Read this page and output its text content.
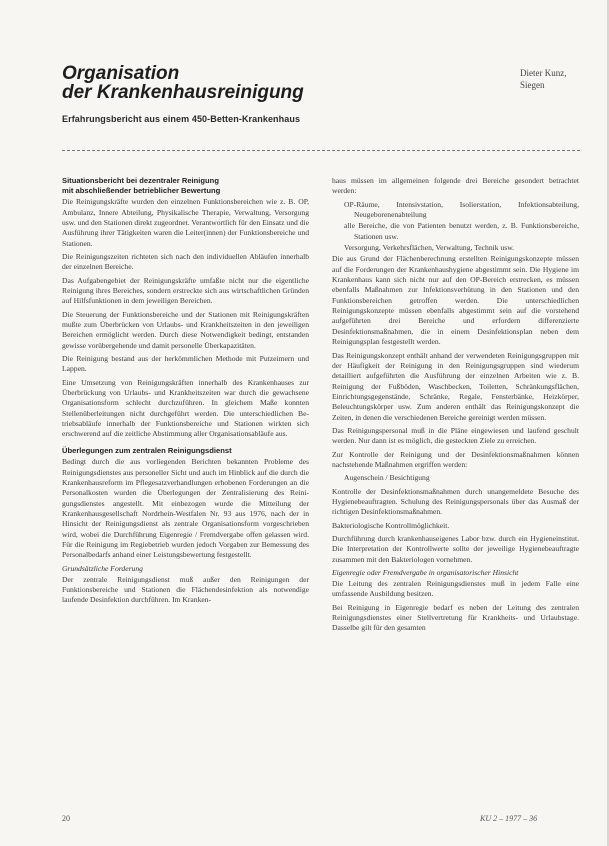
Organisation
der Krankenhausreinigung
Erfahrungsbericht aus einem 450-Betten-Krankenhaus
Dieter Kunz,
Siegen
Situationsbericht bei dezentraler Reinigung
mit abschließender betrieblicher Bewertung

Die Reinigungskräfte wurden den einzelnen Funktionsbereichen wie z. B. OP, Ambulanz, Innere Abteilung, Physikalische Therapie, Verwaltung, Versorgung usw. und den Stationen direkt zugeordnet. Verantwortlich für den Einsatz und die Ausführung ihrer Tätigkeiten waren die Leiter(innen) der Funktionsbereiche und Stationen.

Die Reinigungszeiten richteten sich nach den individuellen Abläufen innerhalb der einzelnen Bereiche.

Das Aufgabengebiet der Reinigungskräfte umfaßte nicht nur die eigentliche Reinigung ihres Bereiches, sondern erstreckte sich aus wirtschaftlichen Gründen auf Hilfsfunktionen in dem jeweiligen Bereichen.

Die Steuerung der Funktionsbereiche und der Stationen mit Reinigungskräften mußte zum Überbrücken von Urlaubs- und Krankheitszeiten in den jeweiligen Bereichen ermöglicht werden. Durch diese Notwendigkeit bedingt, entstanden gewisse vorübergehende und damit personelle Überkapazitäten.

Die Reinigung bestand aus der herkömmlichen Methode mit Putzeimern und Lappen.

Eine Umsetzung von Reinigungskräften innerhalb des Krankenhauses zur Überbrückung von Urlaubs- und Krankheitszeiten war durch die gewachsene Organisationsform schlecht durchzuführen. In gleichem Maße konnten Stellenüberleitungen nicht durchgeführt werden. Die unterschiedlichen Betriebsabläufe innerhalb der Funktionsbereiche und Stationen wirkten sich erschwerend auf die zeitliche Abstimmung aller Organisationsabläufe aus.

Überlegungen zum zentralen Reinigungsdienst

Bedingt durch die aus vorliegenden Berichten bekannten Probleme des Reinigungsdienstes aus personeller Sicht und auch im Hinblick auf die durch die Krankenhausreform im Pflegesatzverhandlungen erhobenen Forderungen an die Personalkosten wurden die Überlegungen der Zentralisierung des Reinigungsdienstes angestellt. Mit einbezogen wurde die Mitteilung der Krankenhausgesellschaft Nordrhein-Westfalen Nr. 93 aus 1976, nach der in Hinsicht der Reinigungsdienst als zentrale Organisationsform vorgeschrieben wird, wobei die Durchführung Eigenregie / Fremdvergabe offen gelassen wird. Für die Reinigung im Regiebetrieb wurden jedoch Vorgaben zur Bemessung des Personalbedarfs anhand einer Leistungsbewertung festgestellt.

Grundsätzliche Forderung

Der zentrale Reinigungsdienst muß außer den Reinigungen der Funktionsbereiche und Stationen die Flächendesinfektion als notwendige laufende Desinfektion durchführen. Im Kranken-

haus müssen im allgemeinen folgende drei Bereiche gesondert betrachtet werden:

OP-Räume, Intensivstation, Isolierstation, Infektionsabteilung, Neugeborenenabteilung

alle Bereiche, die von Patienten benutzt werden, z. B. Funktionsbereiche, Stationen usw.

Versorgung, Verkehrsflächen, Verwaltung, Technik usw.

Die aus Grund der Flächenberechnung erstellten Reinigungskonzepte müssen auf die Forderungen der Krankenhaushygiene abgestimmt sein. Die Hygiene im Krankenhaus kann sich nicht nur auf den OP-Bereich erstrecken, es müssen ebenfalls Maßnahmen zur Infektionsverhütung in den Stationen und den Funktionsbereichen getroffen werden. Die unterschiedlichen Reinigungskonzepte müssen ebenfalls abgestimmt sein auf die vorstehend aufgeführten drei Bereiche und erfordern differenzierte Desinfektionsmaßnahmen, die in einem Desinfektionsplan neben dem Reinigungsplan festgestellt werden.

Das Reinigungskonzept enthält anhand der verwendeten Reinigungsgruppen mit der Häufigkeit der Reinigung in den Reinigungsgruppen sind wiederum detailliert aufgeführten die Ausführung der einzelnen Arbeiten wie z. B. Reinigung der Fußböden, Waschbecken, Toiletten, Schränkungsflächen, Einrichtungsgegenstände, Schränke, Regale, Fensterbänke, Heizkörper, Beleuchtungskörper usw. Zum anderen enthält das Reinigungskonzept die Zeiten, in denen die verschiedenen Bereiche gereinigt werden müssen.

Das Reinigungspersonal muß in die Pläne eingewiesen und laufend geschult werden. Nur dann ist es möglich, die gesteckten Ziele zu erreichen.

Zur Kontrolle der Reinigung und der Desinfektionsmaßnahmen können nachstehende Maßnahmen ergriffen werden:

Augenschein / Besichtigung

Kontrolle der Desinfektionsmaßnahmen durch unangemeldete Besuche des Hygienebeauftragten. Schulung des Reinigungspersonals über das Ausmaß der richtigen Desinfektionsmaßnahmen.

Bakteriologische Kontrollmöglichkeit.

Durchführung durch krankenhauseigenes Labor bzw. durch ein Hygieneinstitut. Die Interpretation der Kontrollwerte sollte der jeweilige Hygienebeauftragte zusammen mit den Bakteriologen vornehmen.

Eigenregie oder Fremdvergabe in organisatorischer Hinsicht

Die Leitung des zentralen Reinigungsdienstes muß in jedem Falle eine umfassende Ausbildung besitzen.

Bei Reinigung in Eigenregie bedarf es neben der Leitung des zentralen Reinigungsdienstes einer Stellvertretung für Krankheits- und Urlaubstage. Dasselbe gilt für den gesamten

20	KU 2 – 1977 – 36
